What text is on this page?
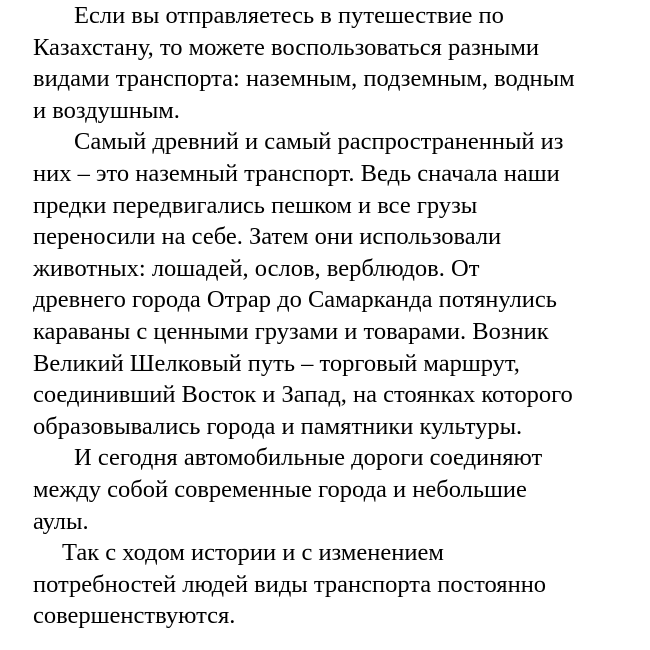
Если вы отправляетесь в путешествие по
Казахстану, то можете воспользоваться разными
видами транспорта: наземным, подземным, водным
и воздушным.
Самый древний и самый распространенный из
них – это наземный транспорт. Ведь сначала наши
предки передвигались пешком и все грузы
переносили на себе. Затем они использовали
животных: лошадей, ослов, верблюдов. От
древнего города Отрар до Самарканда потянулись
караваны с ценными грузами и товарами. Возник
Великий Шелковый путь – торговый маршрут,
соединивший Восток и Запад, на стоянках которого
образовывались города и памятники культуры.
И сегодня автомобильные дороги соединяют
между собой современные города и небольшие
аулы.
Так с ходом истории и с изменением
потребностей людей виды транспорта постоянно
совершенствуются.
